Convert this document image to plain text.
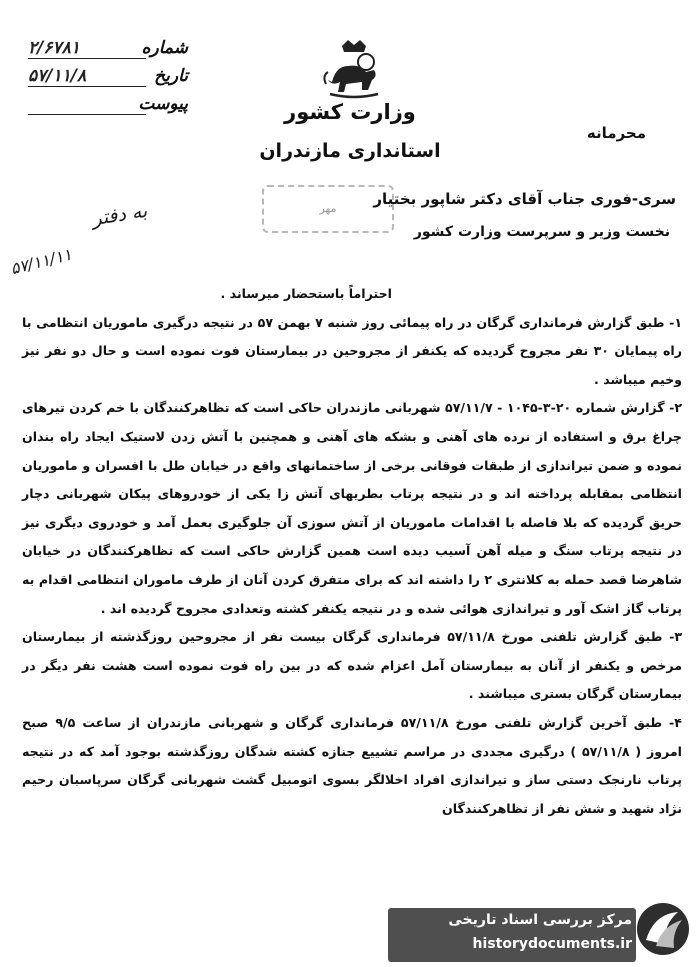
وزارت کشور
استانداری مازندران
محرمانه
۲/۶۷۸۱	شماره
۵۷/۱۱/۸	تاریخ
پیوست
سری-فوری جناب آقای دکتر شاپور بختیار
نخست وزیر و سرپرست وزارت کشور
مهر
به دفتر
۵۷/۱۱/۱۱

احتراماً باستحضار میرساند .

۱- طبق گزارش فرمانداری گرگان در راه پیمائی روز شنبه ۷ بهمن ۵۷ در نتیجه درگیری ماموریان انتظامی با راه پیمایان ۳۰ نفر مجروح گردیده که یکنفر از مجروحین در بیمارستان فوت نموده است و حال دو نفر نیز وخیم میباشد .

۲- گزارش شماره ۲۰-۳-۱۰۴۵ - ۵۷/۱۱/۷ شهربانی مازندران حاکی است که تظاهرکنندگان با خم کردن تیرهای چراغ برق و استفاده از نرده های آهنی و بشکه های آهنی و همچنین با آتش زدن لاستیک ایجاد راه بندان نموده و ضمن تیراندازی از طبقات فوقانی برخی از ساختمانهای واقع در خیابان طل با افسران و ماموریان انتظامی بمقابله پرداخته اند و در نتیجه پرتاب بطریهای آتش زا یکی از خودروهای پیکان شهربانی دچار حریق گردیده که بلا فاصله با اقدامات ماموریان از آتش سوزی آن جلوگیری بعمل آمد و خودروی دیگری نیز در نتیجه پرتاب سنگ و میله آهن آسیب دیده است همین گزارش حاکی است که تظاهرکنندگان در خیابان شاهرضا قصد حمله به کلانتری ۲ را داشته اند که برای متفرق کردن آنان از طرف ماموران انتظامی اقدام به پرتاب گاز اشک آور و تیراندازی هوائی شده و در نتیجه یکنفر کشته وتعدادی مجروح گردیده اند .

۳- طبق گزارش تلفنی مورخ ۵۷/۱۱/۸ فرمانداری گرگان بیست نفر از مجروحین روزگذشته از بیمارستان مرخص و یکنفر از آنان به بیمارستان آمل اعزام شده که در بین راه فوت نموده است هشت نفر دیگر در بیمارستان گرگان بستری میباشند .

۴- طبق آخرین گزارش تلفنی مورخ ۵۷/۱۱/۸ فرمانداری گرگان و شهربانی مازندران از ساعت ۹/۵ صبح امروز ( ۵۷/۱۱/۸ ) درگیری مجددی در مراسم تشییع جنازه کشته شدگان روزگذشته بوجود آمد که در نتیجه پرتاب نارنجک دستی ساز و تیراندازی افراد اخلالگر بسوی اتومبیل گشت شهربانی گرگان سرپاسبان رحیم نژاد شهید و شش نفر از تظاهرکنندگان

مرکز بررسی اسناد تاریخی
historydocuments.ir
